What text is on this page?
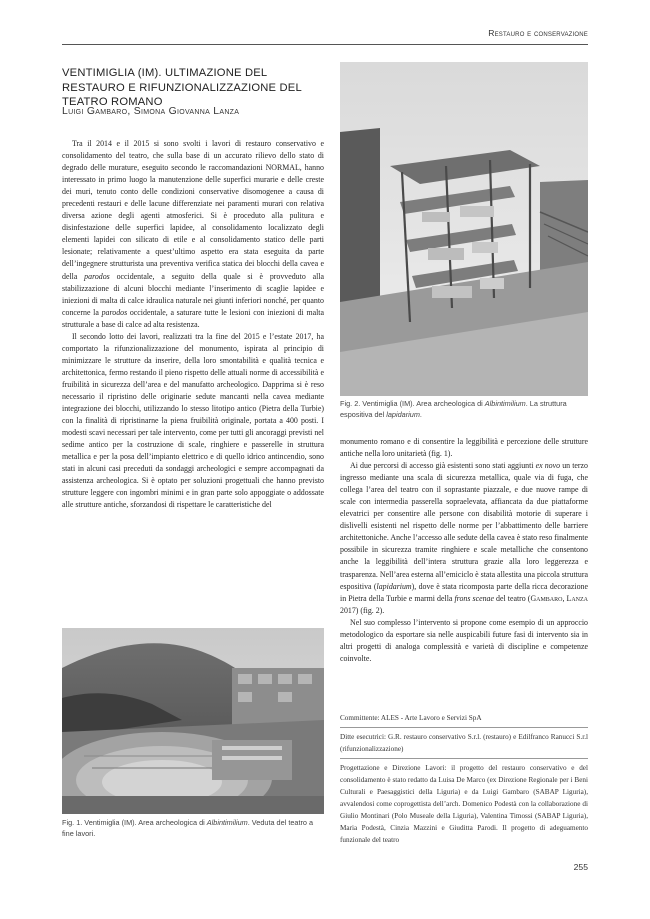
Restauro e conservazione
VENTIMIGLIA (IM). ULTIMAZIONE DEL RESTAURO E RIFUNZIONALIZZAZIONE DEL TEATRO ROMANO
Luigi Gambaro, Simona Giovanna Lanza

Tra il 2014 e il 2015 si sono svolti i lavori di restauro conservativo e consolidamento del teatro, che sulla base di un accurato rilievo dello stato di degrado delle murature, eseguito secondo le raccomandazioni NORMAL, hanno interessato in primo luogo la manutenzione delle superfici murarie e delle creste dei muri, tenuto conto delle condizioni conservative disomogenee a causa di precedenti restauri e delle lacune differenziate nei paramenti murari con relativa diversa azione degli agenti atmosferici. Si è proceduto alla pulitura e disinfestazione delle superfici lapidee, al consolidamento localizzato degli elementi lapidei con silicato di etile e al consolidamento statico delle parti lesionate; relativamente a quest’ultimo aspetto era stata eseguita da parte dell’ingegnere strutturista una preventiva verifica statica dei blocchi della cavea e della parodos occidentale, a seguito della quale si è provveduto alla stabilizzazione di alcuni blocchi mediante l’inserimento di scaglie lapidee e iniezioni di malta di calce idraulica naturale nei giunti inferiori nonché, per quanto concerne la parodos occidentale, a saturare tutte le lesioni con iniezioni di malta strutturale a base di calce ad alta resistenza.

Il secondo lotto dei lavori, realizzati tra la fine del 2015 e l’estate 2017, ha comportato la rifunzionalizzazione del monumento, ispirata al principio di minimizzare le strutture da inserire, della loro smontabilità e qualità tecnica e architettonica, fermo restando il pieno rispetto delle attuali norme di accessibilità e fruibilità in sicurezza dell’area e del manufatto archeologico. Dapprima si è reso necessario il ripristino delle originarie sedute mancanti nella cavea mediante integrazione dei blocchi, utilizzando lo stesso litotipo antico (Pietra della Turbie) con la finalità di ripristinarne la piena fruibilità originale, portata a 400 posti. I modesti scavi necessari per tale intervento, come per tutti gli ancoraggi previsti nel sedime antico per la costruzione di scale, ringhiere e passerelle in struttura metallica e per la posa dell’impianto elettrico e di quello idrico antincendio, sono stati in alcuni casi preceduti da sondaggi archeologici e sempre accompagnati da assistenza archeologica. Si è optato per soluzioni progettuali che hanno previsto strutture leggere con ingombri minimi e in gran parte solo appoggiate o addossate alle strutture antiche, sforzandosi di rispettare le caratteristiche del

Fig. 1. Ventimiglia (IM). Area archeologica di Albintimilium. Veduta del teatro a fine lavori.
Fig. 2. Ventimiglia (IM). Area archeologica di Albintimilium. La struttura espositiva del lapidarium.

monumento romano e di consentire la leggibilità e percezione delle strutture antiche nella loro unitarietà (fig. 1).

Ai due percorsi di accesso già esistenti sono stati aggiunti ex novo un terzo ingresso mediante una scala di sicurezza metallica, quale via di fuga, che collega l’area del teatro con il soprastante piazzale, e due nuove rampe di scale con intermedia passerella sopraelevata, affiancata da due piattaforme elevatrici per consentire alle persone con disabilità motorie di superare i dislivelli esistenti nel rispetto delle norme per l’abbattimento delle barriere architettoniche. Anche l’accesso alle sedute della cavea è stato reso finalmente possibile in sicurezza tramite ringhiere e scale metalliche che consentono anche la leggibilità dell’intera struttura grazie alla loro leggerezza e trasparenza. Nell’area esterna all’emiciclo è stata allestita una piccola struttura espositiva (lapidarium), dove è stata ricomposta parte della ricca decorazione in Pietra della Turbie e marmi della frons scenae del teatro (Gambaro, Lanza 2017) (fig. 2).

Nel suo complesso l’intervento si propone come esempio di un approccio metodologico da esportare sia nelle auspicabili future fasi di intervento sia in altri progetti di analoga complessità e varietà di discipline e competenze coinvolte.

Committente: ALES - Arte Lavoro e Servizi SpA

Ditte esecutrici: G.R. restauro conservativo S.r.l. (restauro) e Edilfranco Ranucci S.r.l (rifunzionalizzazione)

Progettazione e Direzione Lavori: il progetto del restauro conservativo e del consolidamento è stato redatto da Luisa De Marco (ex Direzione Regionale per i Beni Culturali e Paesaggistici della Liguria) e da Luigi Gambaro (SABAP Liguria), avvalendosi come coprogettista dell’arch. Domenico Podestà con la collaborazione di Giulio Montinari (Polo Museale della Liguria), Valentina Timossi (SABAP Liguria), Maria Podestà, Cinzia Mazzini e Giuditta Parodi. Il progetto di adeguamento funzionale del teatro

255
